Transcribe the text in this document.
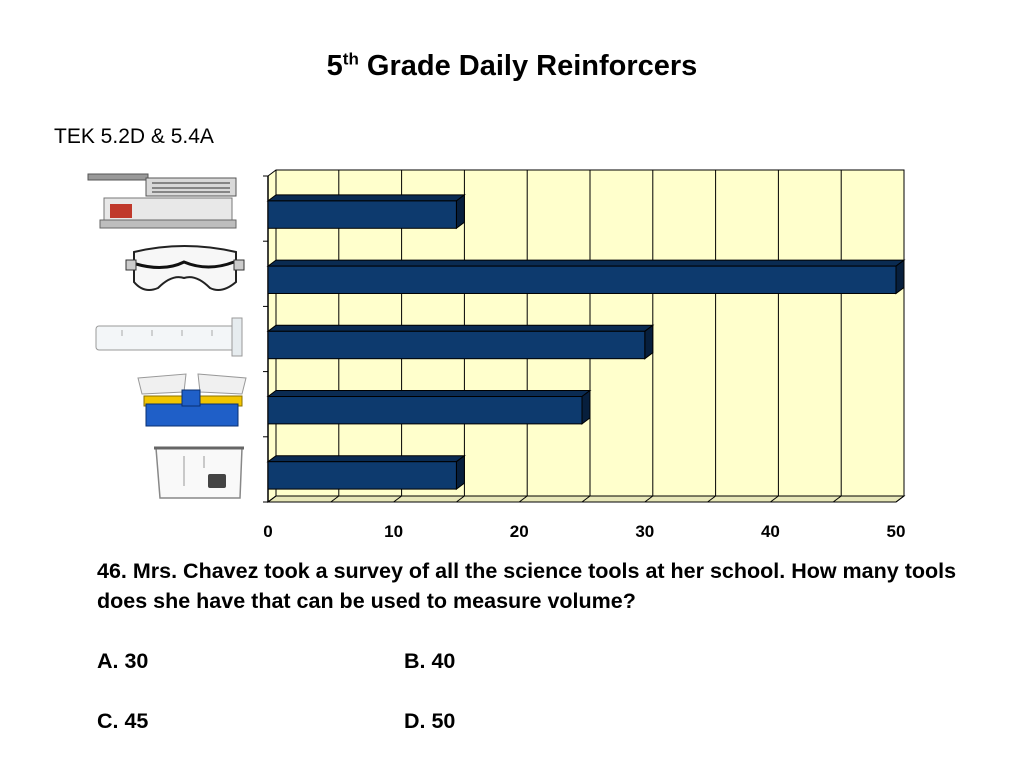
5th Grade Daily Reinforcers
TEK 5.2D & 5.4A
0	10	20	30	40	50
46. Mrs. Chavez took a survey of all the science tools at her school. How many tools does she have that can be used to measure volume?
A. 30	B. 40
C. 45	D. 50
